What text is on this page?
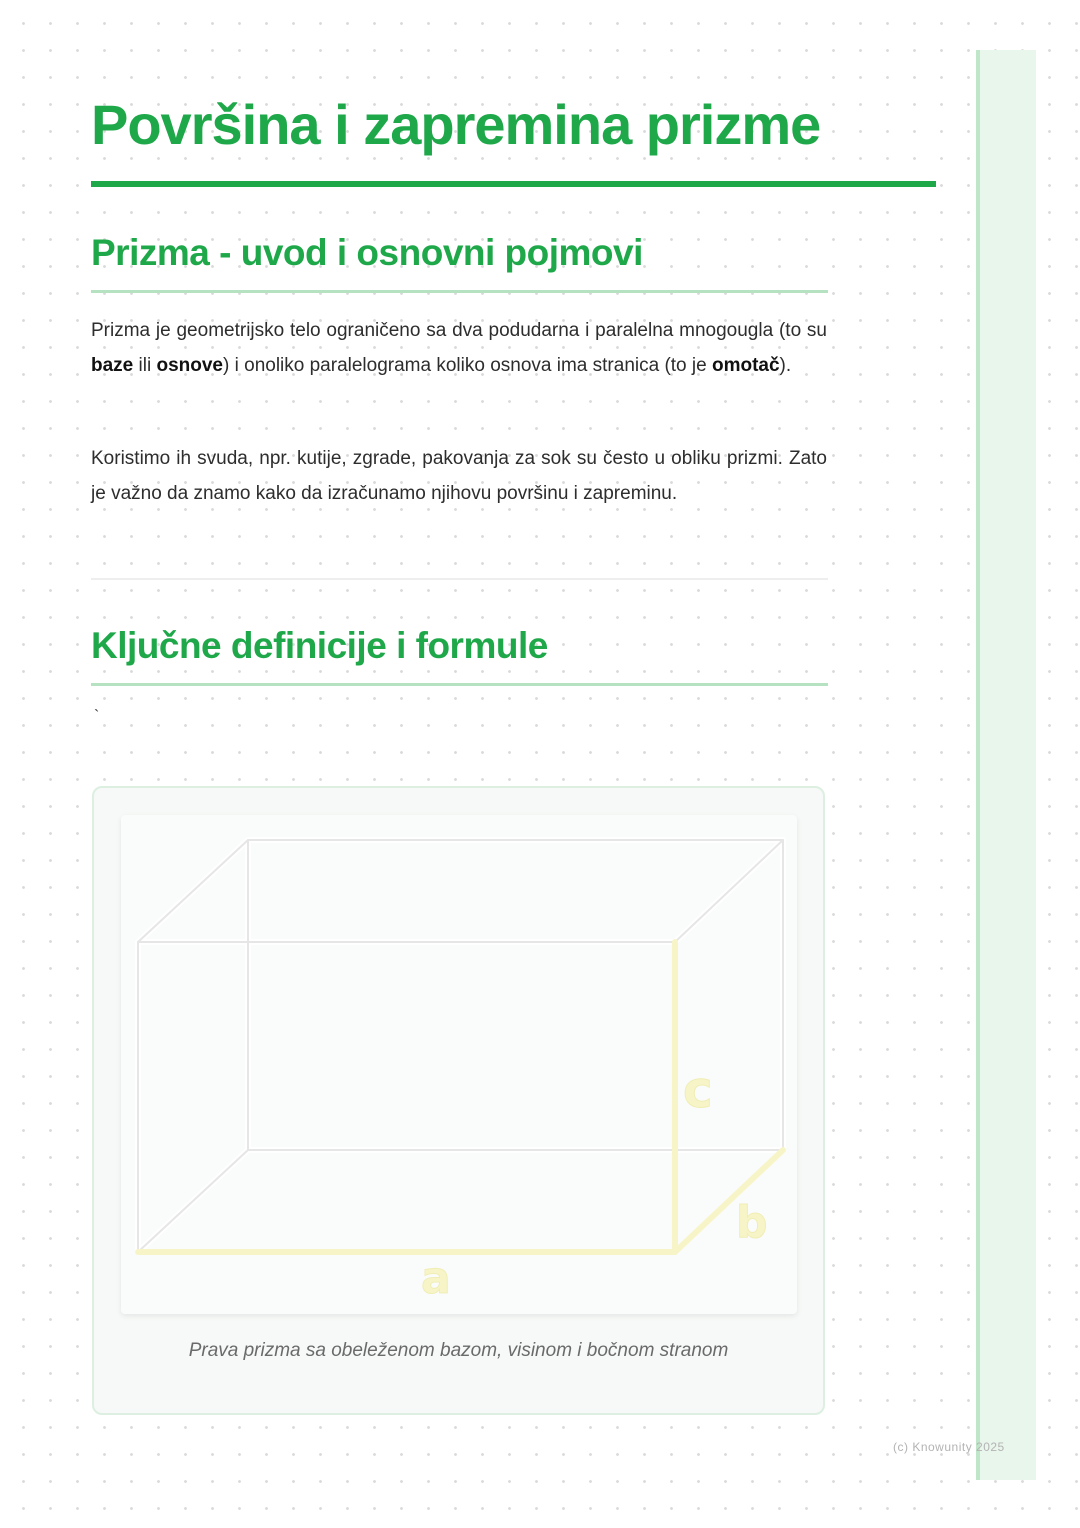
Površina i zapremina prizme
Prizma - uvod i osnovni pojmovi

Prizma je geometrijsko telo ograničeno sa dva podudarna i paralelna mnogougla (to su baze ili osnove) i onoliko paralelograma koliko osnova ima stranica (to je omotač).

Koristimo ih svuda, npr. kutije, zgrade, pakovanja za sok su često u obliku prizmi. Zato je važno da znamo kako da izračunamo njihovu površinu i zapreminu.

Ključne definicije i formule
`
a
b
c
Prava prizma sa obeleženom bazom, visinom i bočnom stranom
(c) Knowunity 2025
